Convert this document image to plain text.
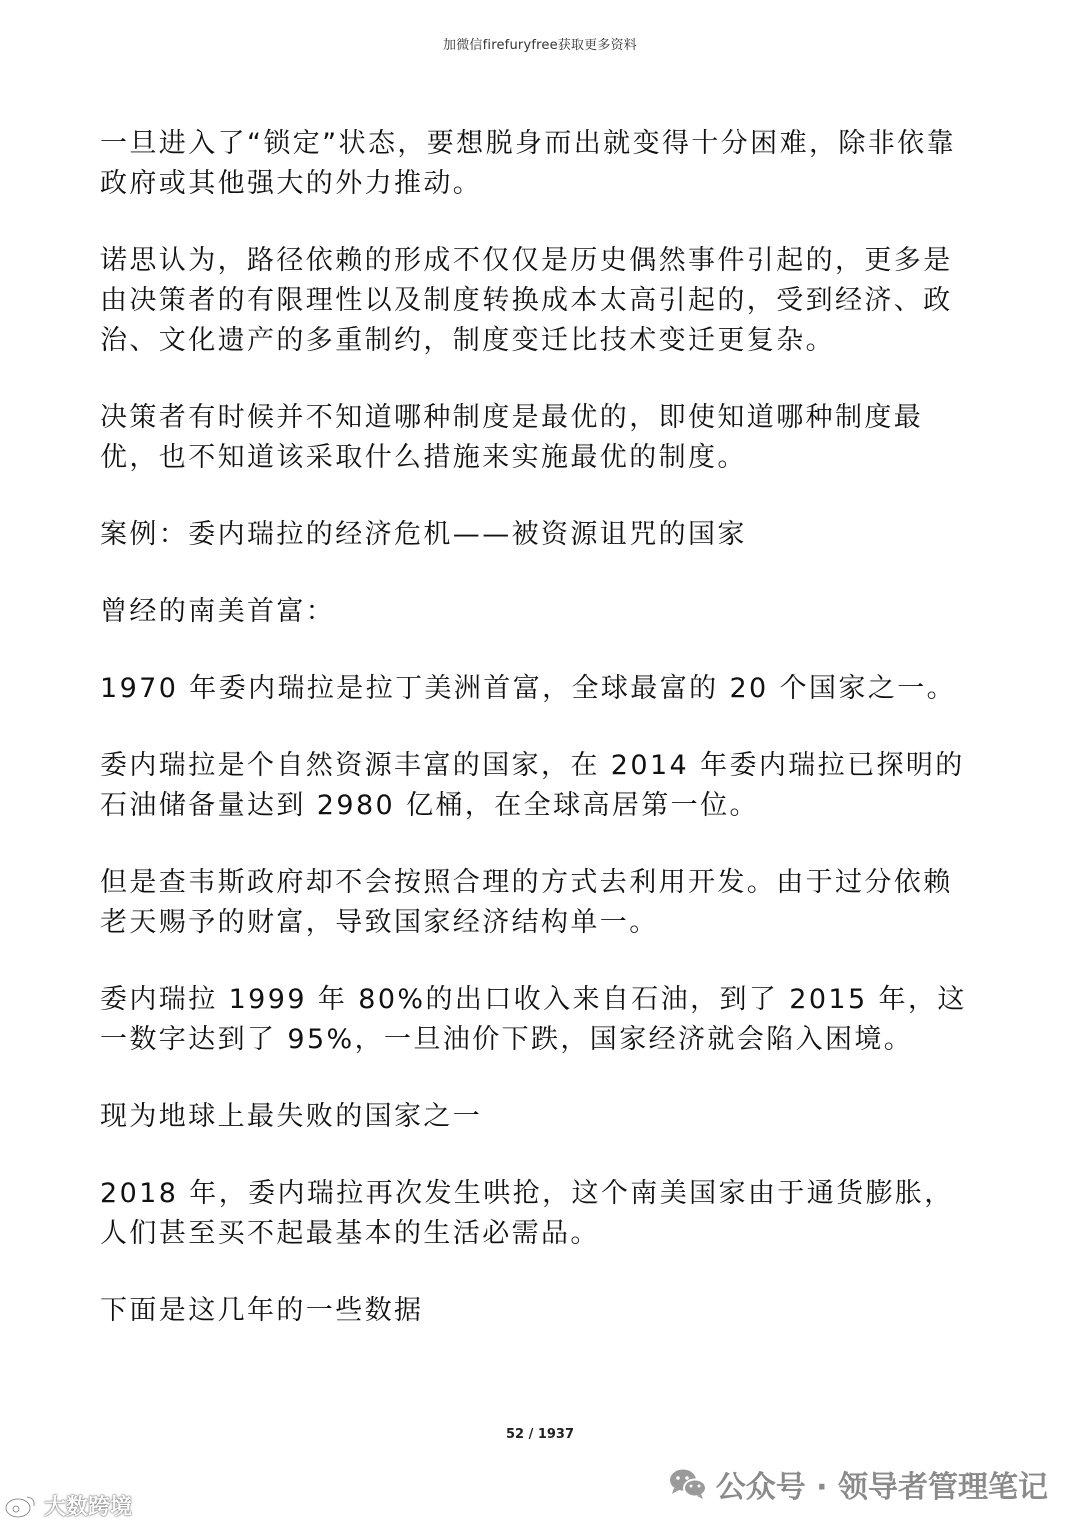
加微信firefuryfree获取更多资料

一旦进入了“锁定”状态，要想脱身而出就变得十分困难，除非依靠政府或其他强大的外力推动。

诺思认为，路径依赖的形成不仅仅是历史偶然事件引起的，更多是由决策者的有限理性以及制度转换成本太高引起的，受到经济、政治、文化遗产的多重制约，制度变迁比技术变迁更复杂。

决策者有时候并不知道哪种制度是最优的，即使知道哪种制度最优，也不知道该采取什么措施来实施最优的制度。

案例：委内瑞拉的经济危机——被资源诅咒的国家

曾经的南美首富：

1970 年委内瑞拉是拉丁美洲首富，全球最富的 20 个国家之一。

委内瑞拉是个自然资源丰富的国家，在 2014 年委内瑞拉已探明的石油储备量达到 2980 亿桶，在全球高居第一位。

但是查韦斯政府却不会按照合理的方式去利用开发。由于过分依赖老天赐予的财富，导致国家经济结构单一。

委内瑞拉 1999 年 80%的出口收入来自石油，到了 2015 年，这一数字达到了 95%，一旦油价下跌，国家经济就会陷入困境。

现为地球上最失败的国家之一

2018 年，委内瑞拉再次发生哄抢，这个南美国家由于通货膨胀，人们甚至买不起最基本的生活必需品。

下面是这几年的一些数据

52 / 1937
大数跨境
公众号 · 领导者管理笔记
